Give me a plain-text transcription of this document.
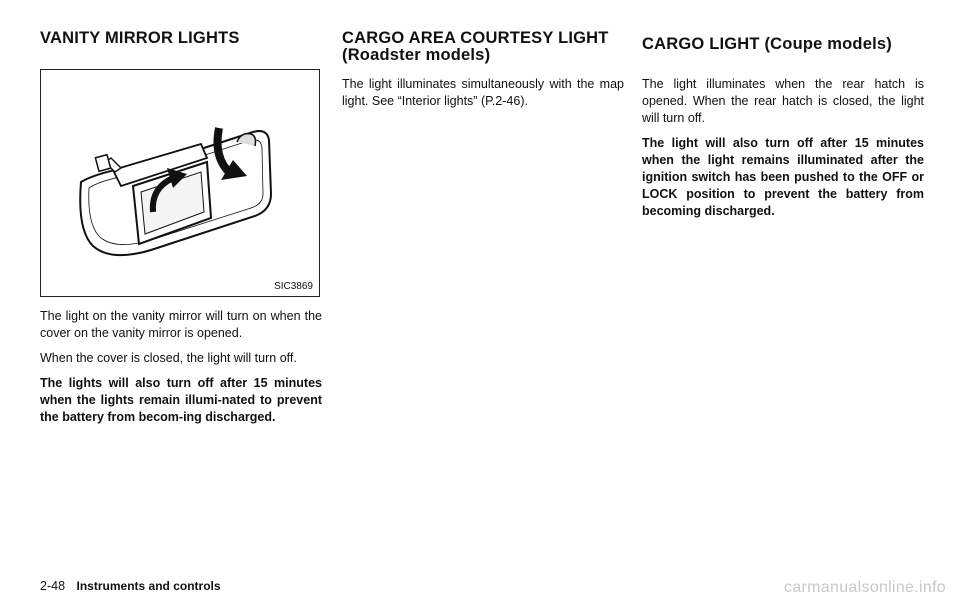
VANITY MIRROR LIGHTS
SIC3869

The light on the vanity mirror will turn on when the cover on the vanity mirror is opened.

When the cover is closed, the light will turn off.

The lights will also turn off after 15 minutes when the lights remain illumi-nated to prevent the battery from becom-ing discharged.

CARGO AREA COURTESY LIGHT (Roadster models)

The light illuminates simultaneously with the map light. See “Interior lights” (P.2-46).

CARGO LIGHT (Coupe models)

The light illuminates when the rear hatch is opened. When the rear hatch is closed, the light will turn off.

The light will also turn off after 15 minutes when the light remains illuminated after the ignition switch has been pushed to the OFF or LOCK position to prevent the battery from becoming discharged.

2-48 Instruments and controls	carmanualsonline.info
